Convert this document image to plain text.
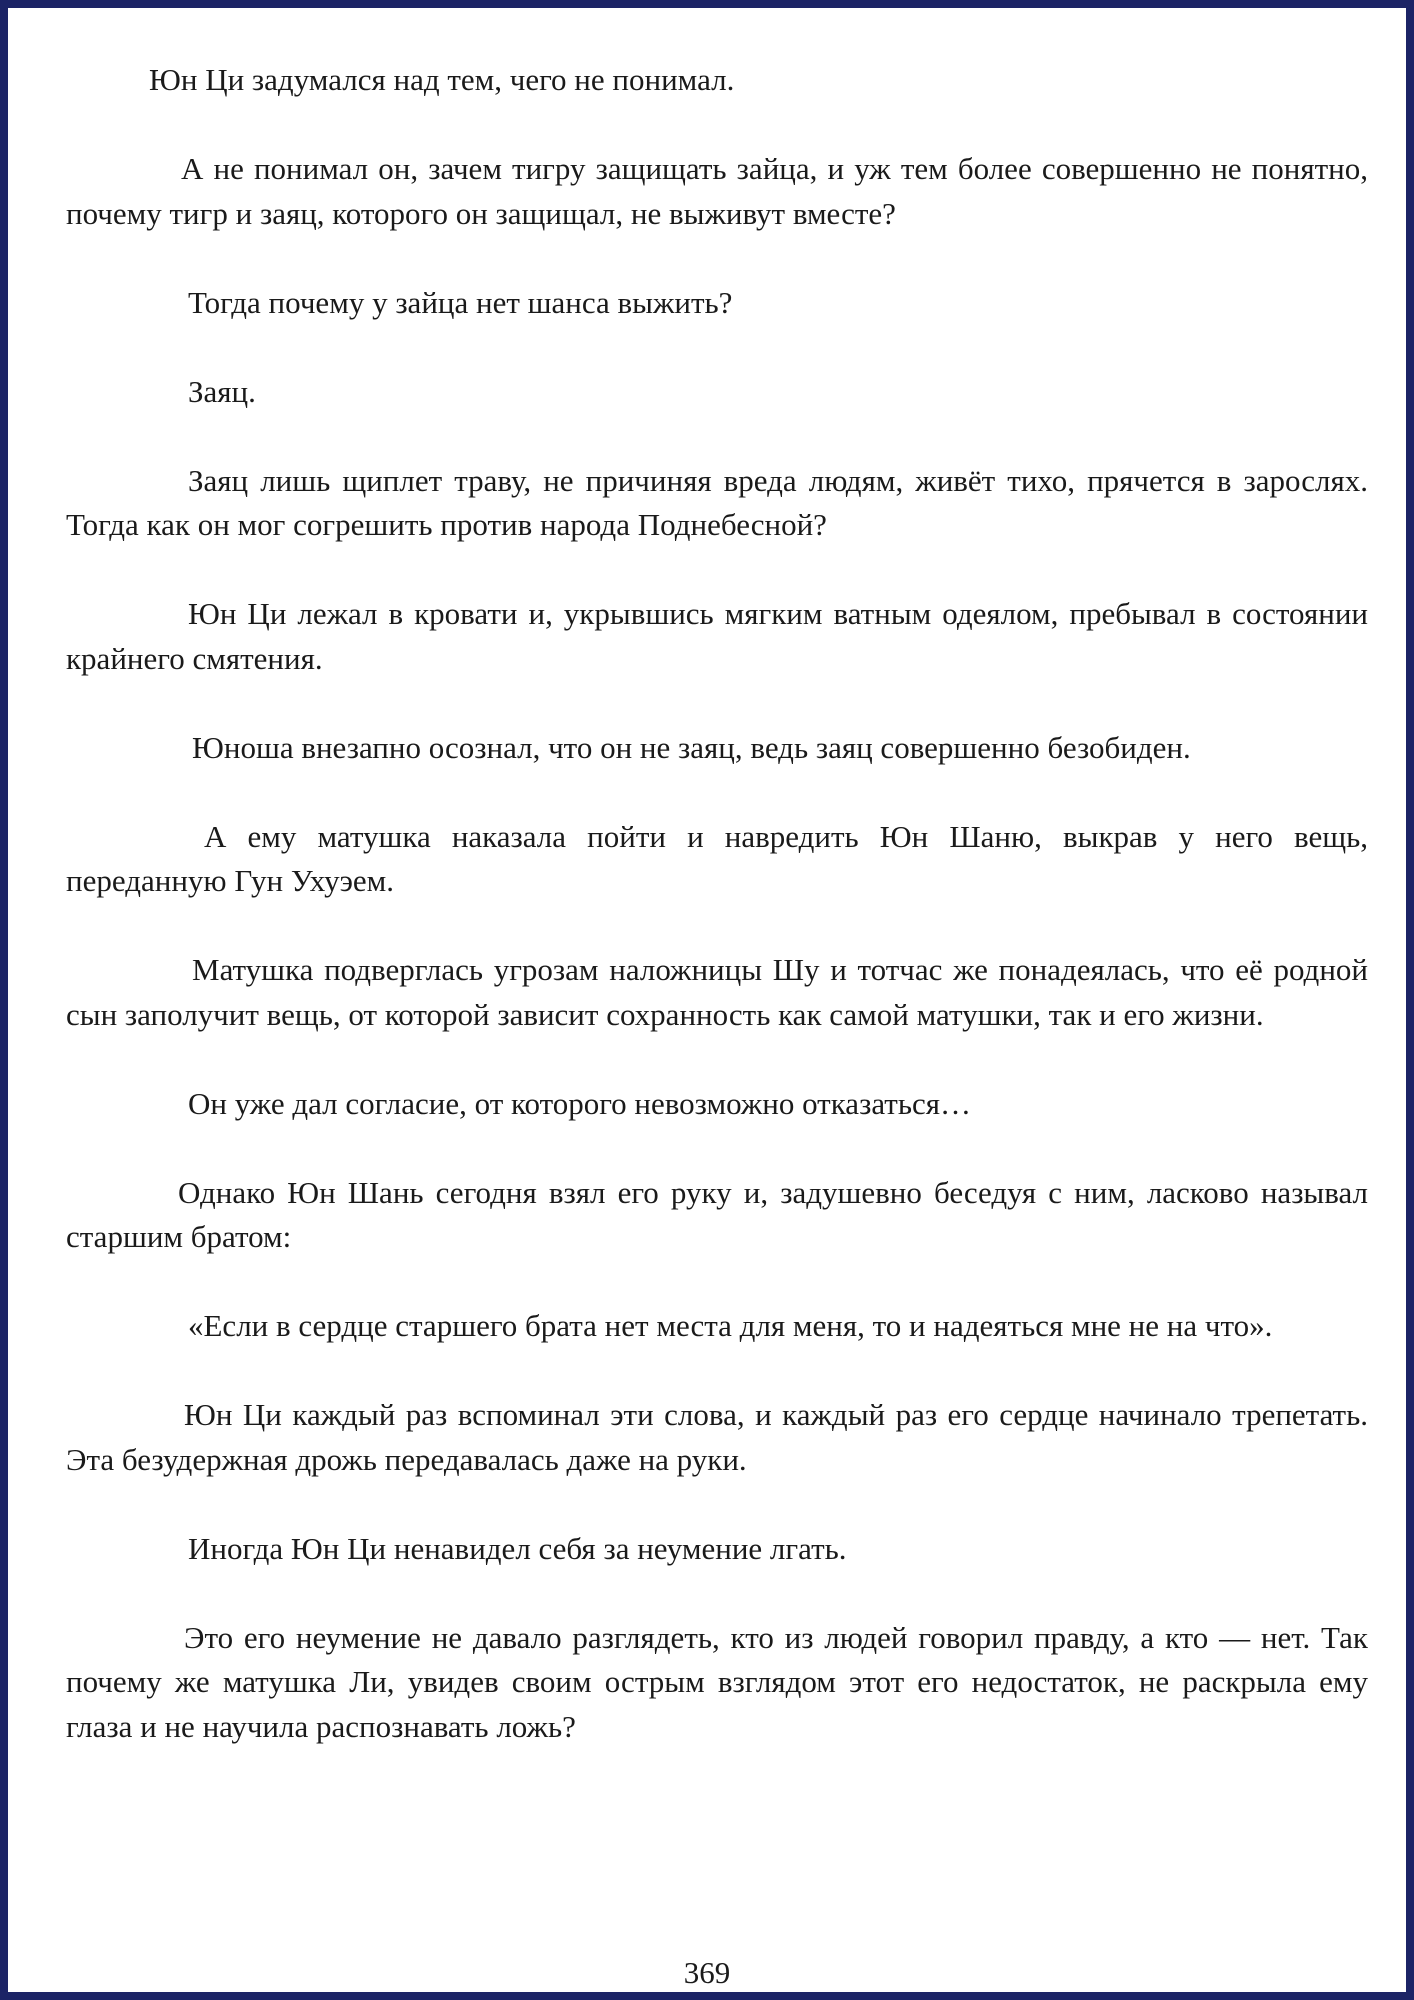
Юн Ци задумался над тем, чего не понимал.

А не понимал он, зачем тигру защищать зайца, и уж тем более совершенно не понятно, почему тигр и заяц, которого он защищал, не выживут вместе?

Тогда почему у зайца нет шанса выжить?

Заяц.

Заяц лишь щиплет траву, не причиняя вреда людям, живёт тихо, прячется в зарослях. Тогда как он мог согрешить против народа Поднебесной?

Юн Ци лежал в кровати и, укрывшись мягким ватным одеялом, пребывал в состоянии крайнего смятения.

Юноша внезапно осознал, что он не заяц, ведь заяц совершенно безобиден.

А ему матушка наказала пойти и навредить Юн Шаню, выкрав у него вещь, переданную Гун Ухуэем.

Матушка подверглась угрозам наложницы Шу и тотчас же понадеялась, что её родной сын заполучит вещь, от которой зависит сохранность как самой матушки, так и его жизни.

Он уже дал согласие, от которого невозможно отказаться…

Однако Юн Шань сегодня взял его руку и, задушевно беседуя с ним, ласково называл старшим братом:

«Если в сердце старшего брата нет места для меня, то и надеяться мне не на что».

Юн Ци каждый раз вспоминал эти слова, и каждый раз его сердце начинало трепетать. Эта безудержная дрожь передавалась даже на руки.

Иногда Юн Ци ненавидел себя за неумение лгать.

Это его неумение не давало разглядеть, кто из людей говорил правду, а кто — нет. Так почему же матушка Ли, увидев своим острым взглядом этот его недостаток, не раскрыла ему глаза и не научила распознавать ложь?

369
